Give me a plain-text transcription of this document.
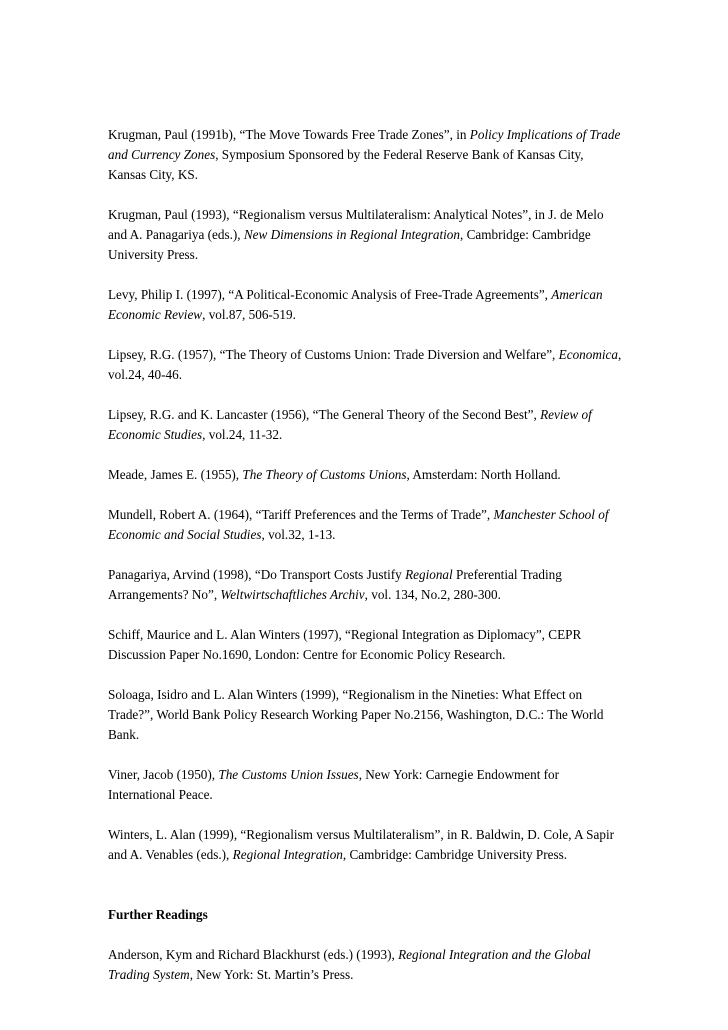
Krugman, Paul (1991b), “The Move Towards Free Trade Zones”, in Policy Implications of Trade and Currency Zones, Symposium Sponsored by the Federal Reserve Bank of Kansas City, Kansas City, KS.

Krugman, Paul (1993), “Regionalism versus Multilateralism: Analytical Notes”, in J. de Melo and A. Panagariya (eds.), New Dimensions in Regional Integration, Cambridge: Cambridge University Press.

Levy, Philip I. (1997), “A Political-Economic Analysis of Free-Trade Agreements”, American Economic Review, vol.87, 506-519.

Lipsey, R.G. (1957), “The Theory of Customs Union: Trade Diversion and Welfare”, Economica, vol.24, 40-46.

Lipsey, R.G. and K. Lancaster (1956), “The General Theory of the Second Best”, Review of Economic Studies, vol.24, 11-32.

Meade, James E. (1955), The Theory of Customs Unions, Amsterdam: North Holland.

Mundell, Robert A. (1964), “Tariff Preferences and the Terms of Trade”, Manchester School of Economic and Social Studies, vol.32, 1-13.

Panagariya, Arvind (1998), “Do Transport Costs Justify Regional Preferential Trading Arrangements? No”, Weltwirtschaftliches Archiv, vol. 134, No.2, 280-300.

Schiff, Maurice and L. Alan Winters (1997), “Regional Integration as Diplomacy”, CEPR Discussion Paper No.1690, London: Centre for Economic Policy Research.

Soloaga, Isidro and L. Alan Winters (1999), “Regionalism in the Nineties: What Effect on Trade?”, World Bank Policy Research Working Paper No.2156, Washington, D.C.: The World Bank.

Viner, Jacob (1950), The Customs Union Issues, New York: Carnegie Endowment for International Peace.

Winters, L. Alan (1999), “Regionalism versus Multilateralism”, in R. Baldwin, D. Cole, A Sapir and A. Venables (eds.), Regional Integration, Cambridge: Cambridge University Press.

Further Readings

Anderson, Kym and Richard Blackhurst (eds.) (1993), Regional Integration and the Global Trading System, New York: St. Martin’s Press.
